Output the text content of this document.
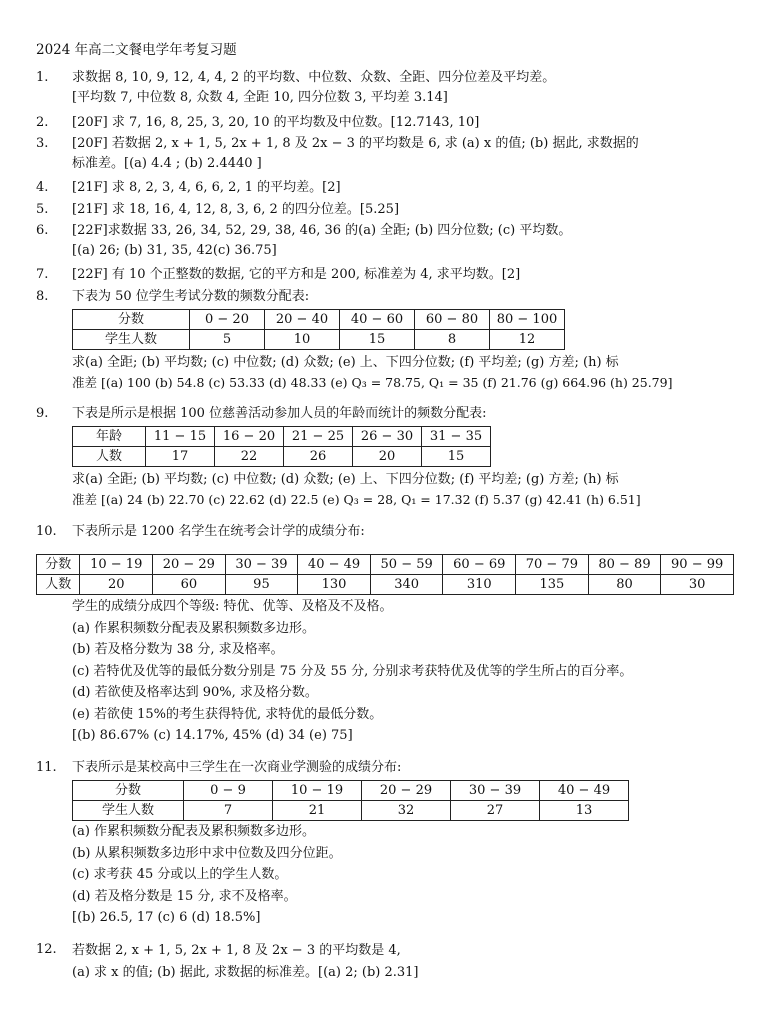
2024 年高二文餐电学年考复习题
1. 求数据 8, 10, 9, 12, 4, 4, 2 的平均数、中位数、众数、全距、四分位差及平均差。
[平均数 7, 中位数 8, 众数 4, 全距 10, 四分位数 3, 平均差 3.14]
2. [20F] 求 7, 16, 8, 25, 3, 20, 10 的平均数及中位数。[12.7143, 10]
3. [20F] 若数据 2, x + 1, 5, 2x + 1, 8 及 2x − 3 的平均数是 6, 求 (a) x 的值; (b) 据此, 求数据的
标准差。[(a) 4.4 ; (b) 2.4440 ]
4. [21F] 求 8, 2, 3, 4, 6, 6, 2, 1 的平均差。[2]
5. [21F] 求 18, 16, 4, 12, 8, 3, 6, 2 的四分位差。[5.25]
6. [22F]求数据 33, 26, 34, 52, 29, 38, 46, 36 的(a) 全距; (b) 四分位数; (c) 平均数。
[(a) 26; (b) 31, 35, 42(c) 36.75]
7. [22F] 有 10 个正整数的数据, 它的平方和是 200, 标准差为 4, 求平均数。[2]
8. 下表为 50 位学生考试分数的频数分配表:
分数	0 − 20	20 − 40	40 − 60	60 − 80	80 − 100
学生人数	5	10	15	8	12
求(a) 全距; (b) 平均数; (c) 中位数; (d) 众数; (e) 上、下四分位数; (f) 平均差; (g) 方差; (h) 标
准差 [(a) 100 (b) 54.8 (c) 53.33 (d) 48.33 (e) Q₃ = 78.75, Q₁ = 35 (f) 21.76 (g) 664.96 (h) 25.79]
9. 下表是所示是根据 100 位慈善活动参加人员的年龄而统计的频数分配表:
年龄	11 − 15	16 − 20	21 − 25	26 − 30	31 − 35
人数	17	22	26	20	15
求(a) 全距; (b) 平均数; (c) 中位数; (d) 众数; (e) 上、下四分位数; (f) 平均差; (g) 方差; (h) 标
准差 [(a) 24 (b) 22.70 (c) 22.62 (d) 22.5 (e) Q₃ = 28, Q₁ = 17.32 (f) 5.37 (g) 42.41 (h) 6.51]
10. 下表所示是 1200 名学生在统考会计学的成绩分布:
分数	10 − 19	20 − 29	30 − 39	40 − 49	50 − 59	60 − 69	70 − 79	80 − 89	90 − 99
人数	20	60	95	130	340	310	135	80	30
学生的成绩分成四个等级: 特优、优等、及格及不及格。
(a) 作累积频数分配表及累积频数多边形。
(b) 若及格分数为 38 分, 求及格率。
(c) 若特优及优等的最低分数分别是 75 分及 55 分, 分别求考获特优及优等的学生所占的百分率。
(d) 若欲使及格率达到 90%, 求及格分数。
(e) 若欲使 15%的考生获得特优, 求特优的最低分数。
[(b) 86.67% (c) 14.17%, 45% (d) 34 (e) 75]
11. 下表所示是某校高中三学生在一次商业学测验的成绩分布:
分数	0 − 9	10 − 19	20 − 29	30 − 39	40 − 49
学生人数	7	21	32	27	13
(a) 作累积频数分配表及累积频数多边形。
(b) 从累积频数多边形中求中位数及四分位距。
(c) 求考获 45 分或以上的学生人数。
(d) 若及格分数是 15 分, 求不及格率。
[(b) 26.5, 17 (c) 6 (d) 18.5%]
12. 若数据 2, x + 1, 5, 2x + 1, 8 及 2x − 3 的平均数是 4,
(a) 求 x 的值; (b) 据此, 求数据的标准差。[(a) 2; (b) 2.31]
